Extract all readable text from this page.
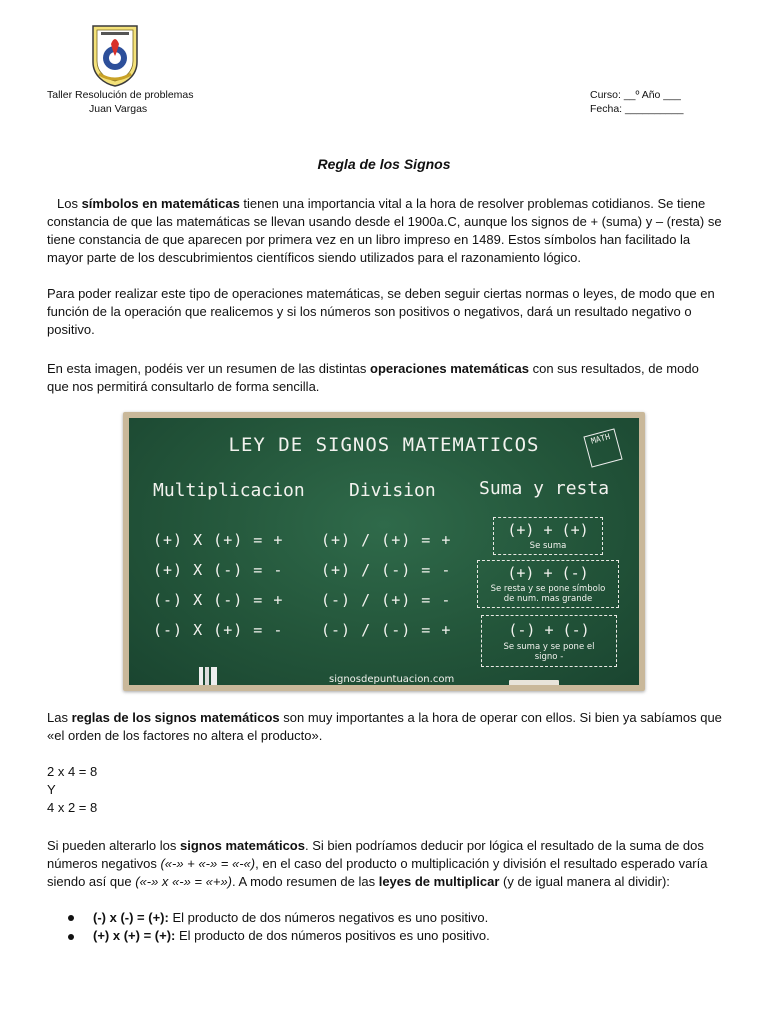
Taller Resolución de problemas
Juan Vargas
Curso: __º Año ___
Fecha: __________
Regla de los Signos

Los símbolos en matemáticas tienen una importancia vital a la hora de resolver problemas cotidianos. Se tiene constancia de que las matemáticas se llevan usando desde el 1900a.C, aunque los signos de + (suma) y – (resta) se tiene constancia de que aparecen por primera vez en un libro impreso en 1489. Estos símbolos han facilitado la mayor parte de los descubrimientos científicos siendo utilizados para el razonamiento lógico.

Para poder realizar este tipo de operaciones matemáticas, se deben seguir ciertas normas o leyes, de modo que en función de la operación que realicemos y si los números son positivos o negativos, dará un resultado negativo o positivo.

En esta imagen, podéis ver un resumen de las distintas operaciones matemáticas con sus resultados, de modo que nos permitirá consultarlo de forma sencilla.

LEY DE SIGNOS MATEMATICOS	MATH
Multiplicacion Division Suma y resta
(+) X (+) = +
(+) X (-) = -
(-) X (-) = +
(-) X (+) = -
(+) / (+) = +
(+) / (-) = -
(-) / (+) = -
(-) / (-) = +
(+) + (+)
Se suma
(+) + (-)
Se resta y se pone símbolo de num. mas grande
(-) + (-)
Se suma y se pone el signo -
signosdepuntuacion.com

Las reglas de los signos matemáticos son muy importantes a la hora de operar con ellos. Si bien ya sabíamos que «el orden de los factores no altera el producto».

2 x 4 = 8
Y
4 x 2 = 8

Si pueden alterarlo los signos matemáticos. Si bien podríamos deducir por lógica el resultado de la suma de dos números negativos («-» + «-» = «-«), en el caso del producto o multiplicación y división el resultado esperado varía siendo así que («-» x «-» = «+»). A modo resumen de las leyes de multiplicar (y de igual manera al dividir):

(-) x (-) = (+): El producto de dos números negativos es uno positivo.
(+) x (+) = (+): El producto de dos números positivos es uno positivo.
